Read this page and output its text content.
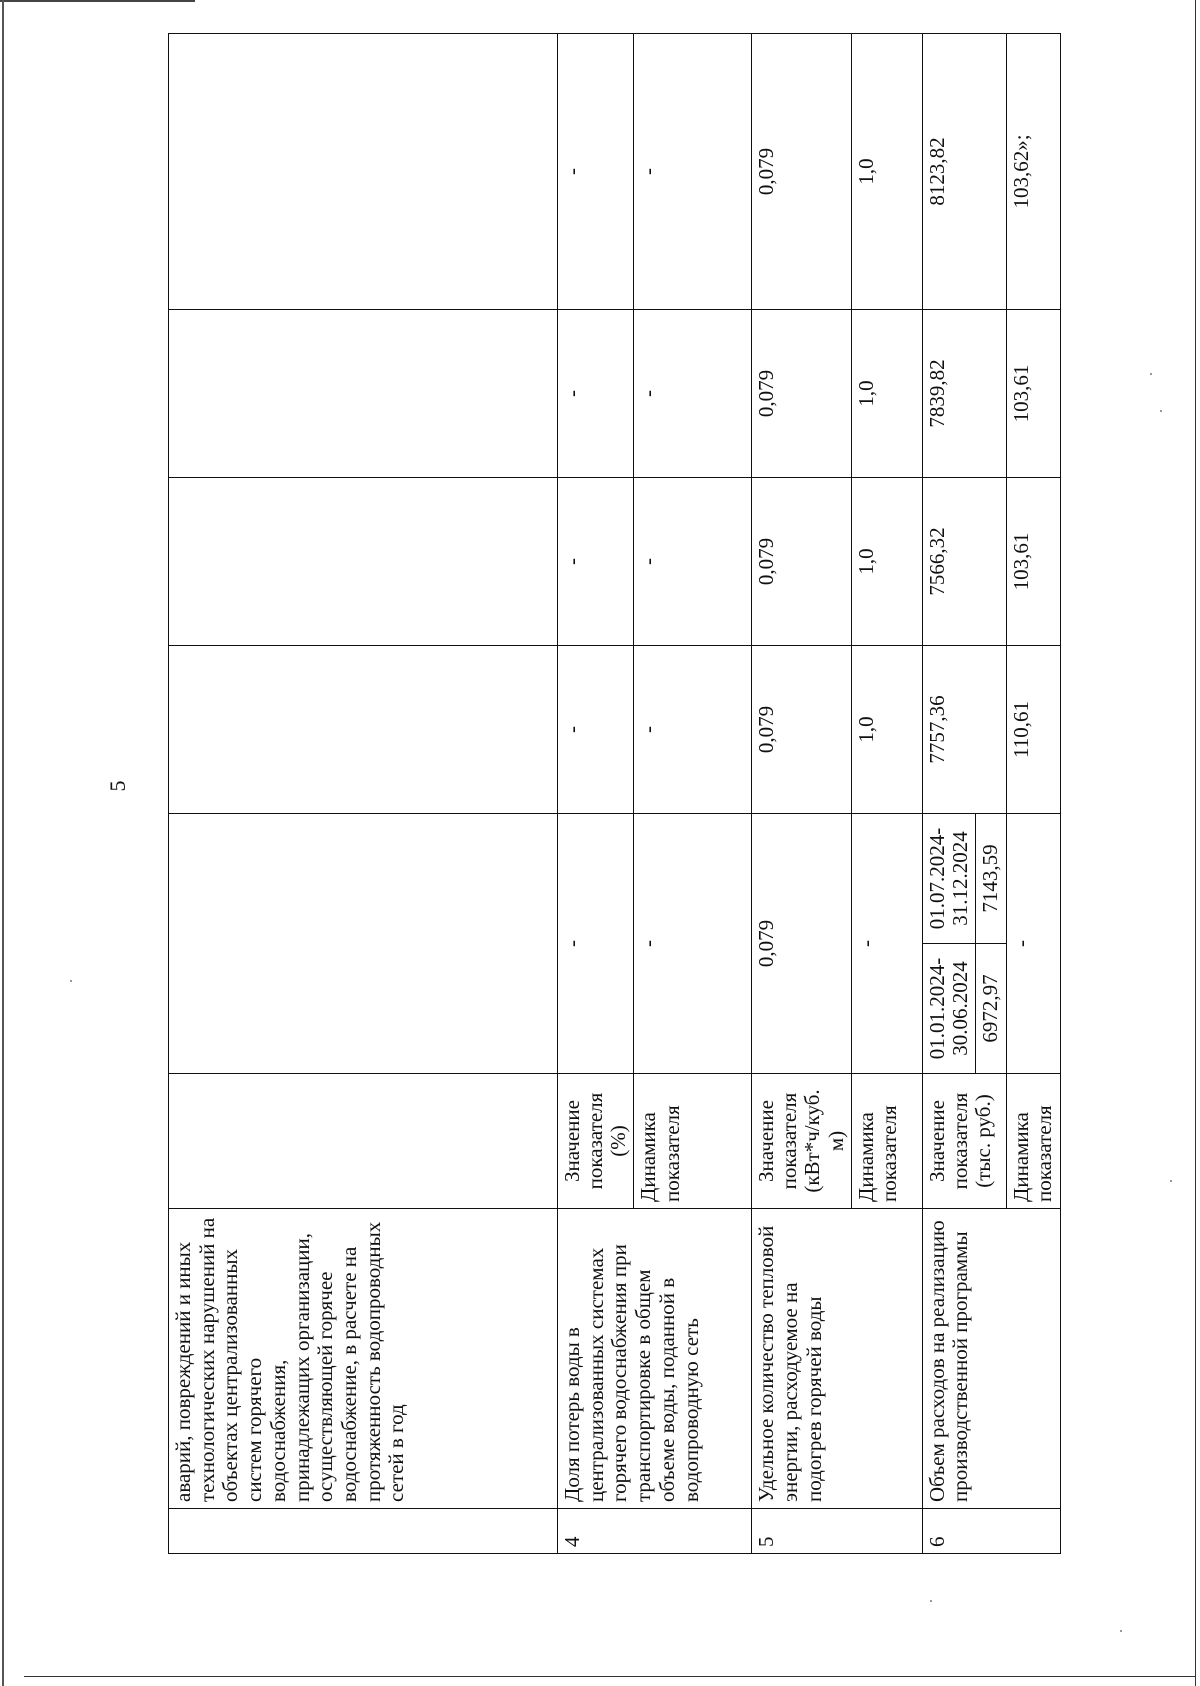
5
	аварий, повреждений и иных технологических нарушений на объектах централизованных систем горячего водоснабжения, принадлежащих организации, осуществляющей горячее водоснабжение, в расчете на протяженность водопроводных сетей в год							
4	Доля потерь воды в централизованных системах горячего водоснабжения при транспортировке в общем объеме воды, поданной в водопроводную сеть	Значение показателя (%)	-		-	-	-	-
		Динамика показателя	-		-	-	-	-
5	Удельное количество тепловой энергии, расходуемое на подогрев горячей воды	Значение показателя (кВт*ч/куб. м)	0,079		0,079	0,079	0,079	0,079
		Динамика показателя	-		1,0	1,0	1,0	1,0
6	Объем расходов на реализацию производственной программы	Значение показателя (тыс. руб.)	01.01.2024-30.06.2024	01.07.2024-31.12.2024	7757,36	7566,32	7839,82	8123,82
			6972,97	7143,59				
		Динамика показателя	-		110,61	103,61	103,61	103,62»;
